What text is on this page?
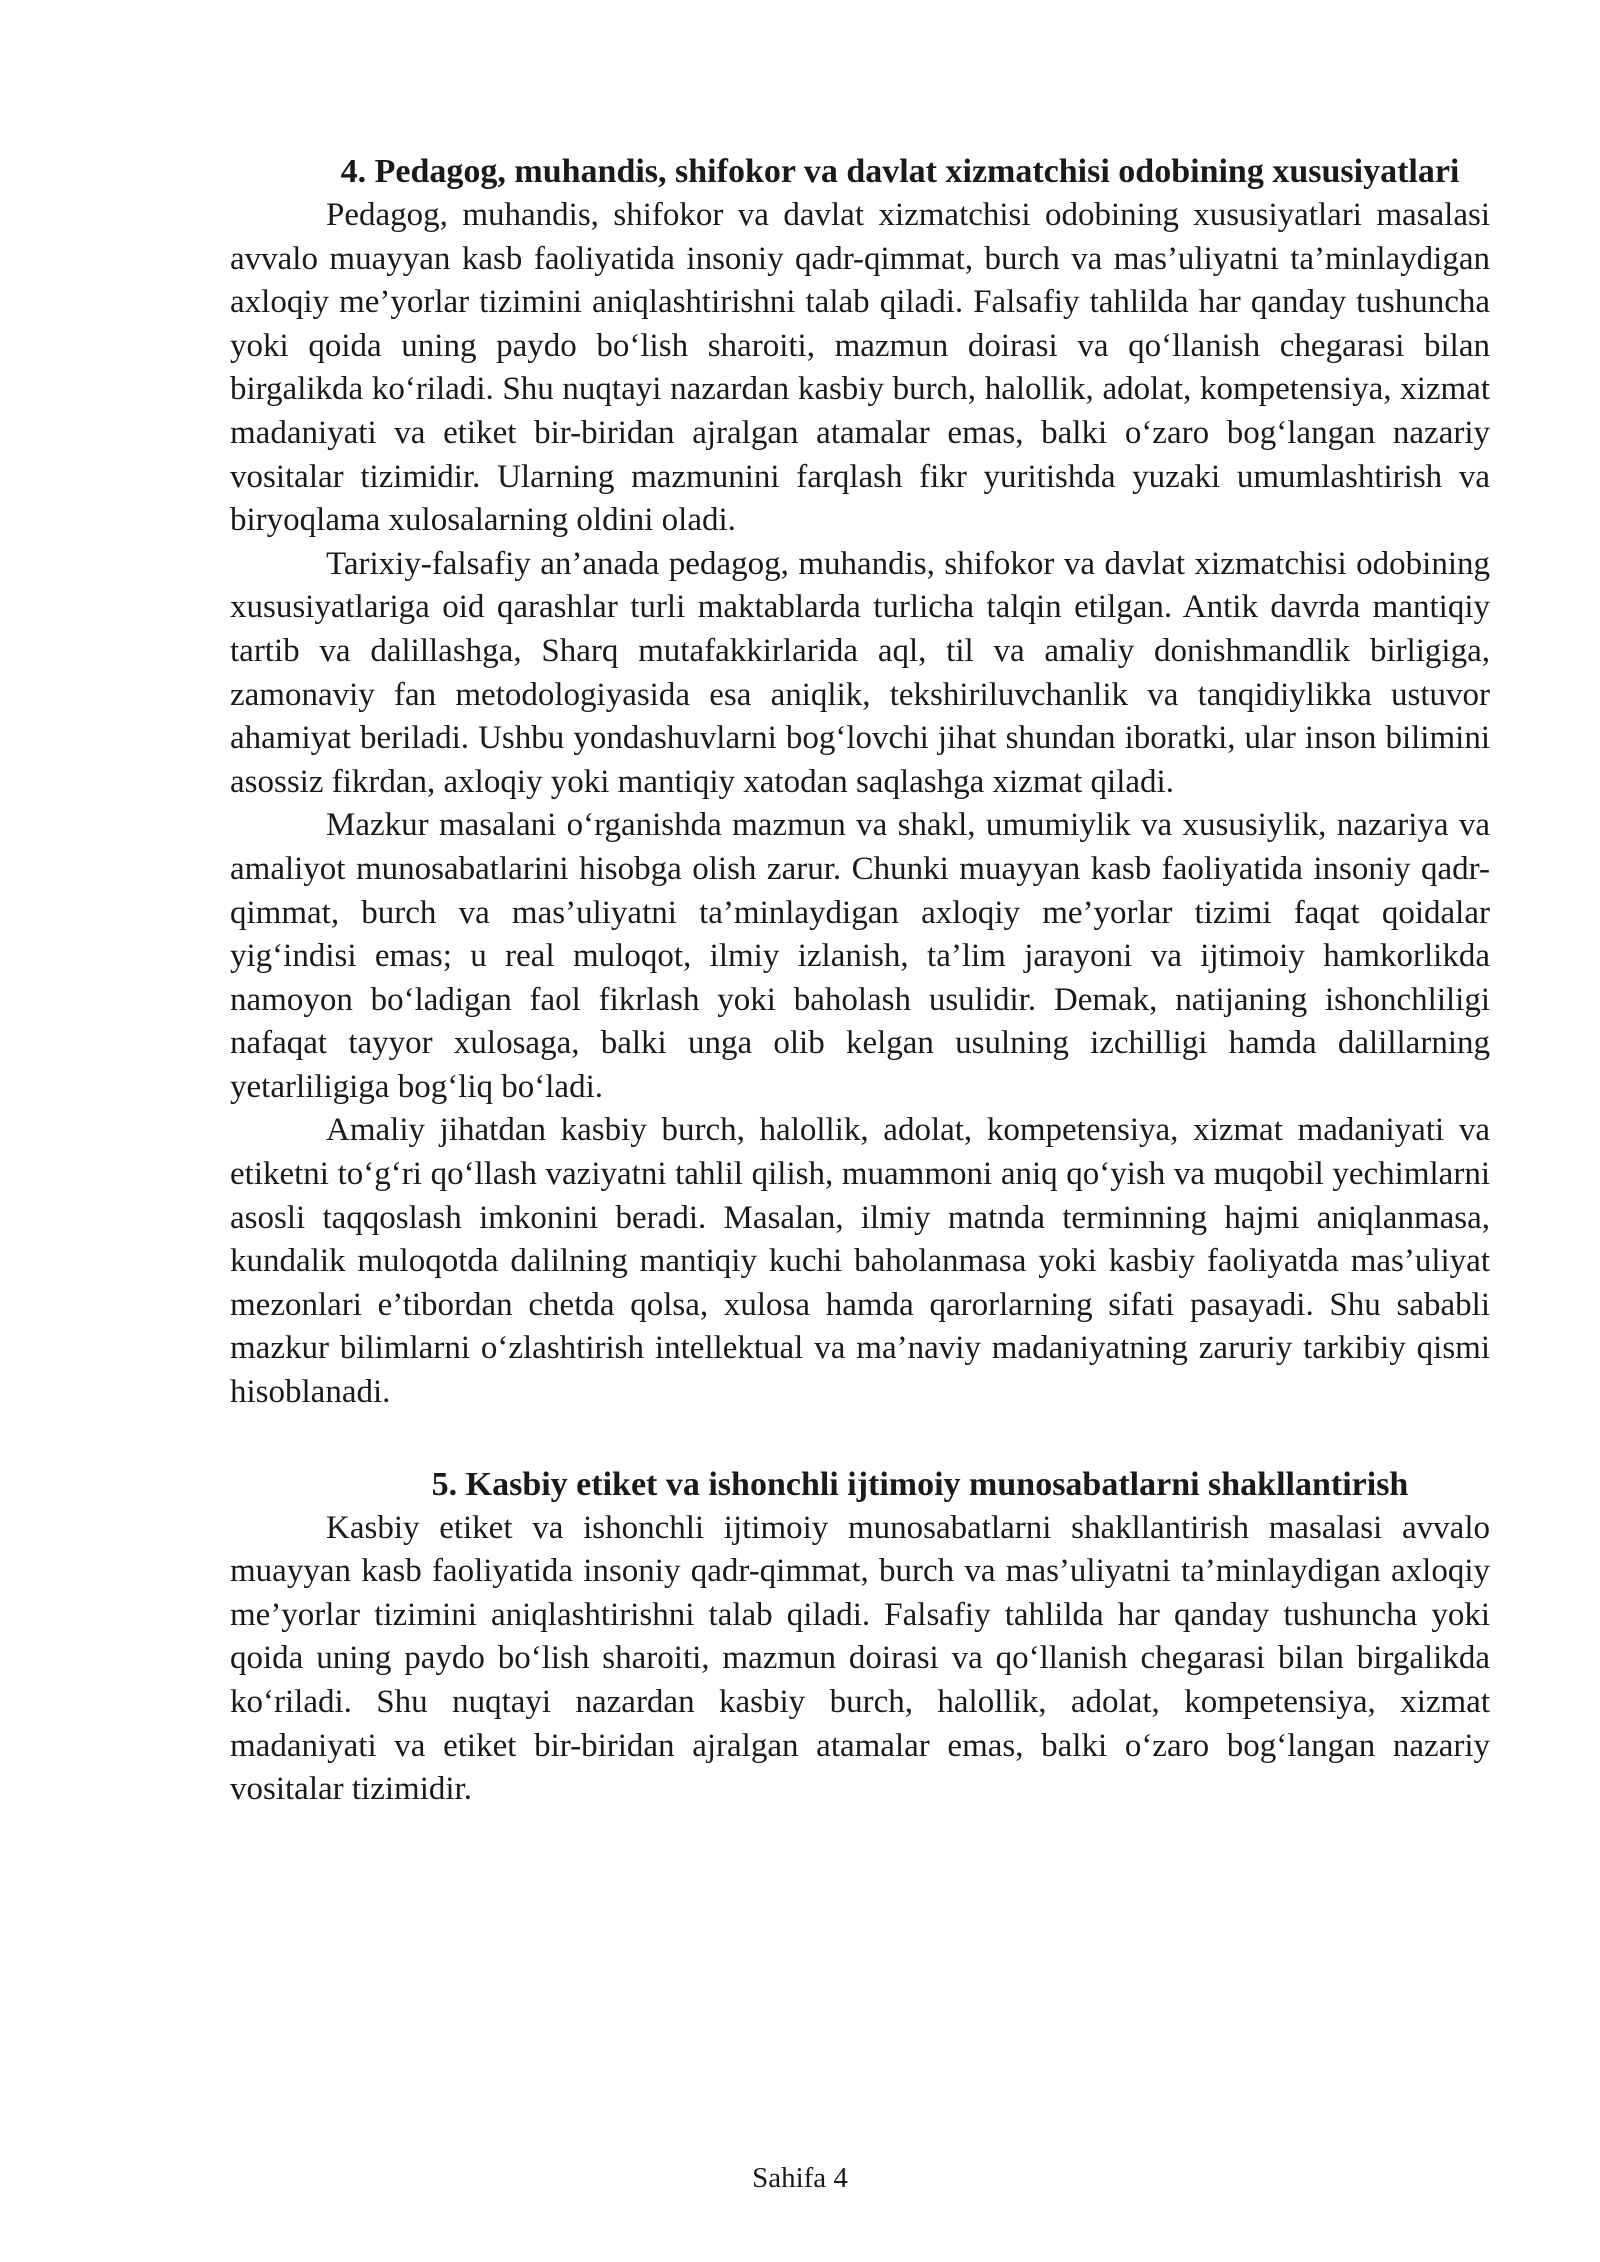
4. Pedagog, muhandis, shifokor va davlat xizmatchisi odobining xususiyatlari

Pedagog, muhandis, shifokor va davlat xizmatchisi odobining xususiyatlari masalasi avvalo muayyan kasb faoliyatida insoniy qadr-qimmat, burch va mas’uliyatni ta’minlaydigan axloqiy me’yorlar tizimini aniqlashtirishni talab qiladi. Falsafiy tahlilda har qanday tushuncha yoki qoida uning paydo bo‘lish sharoiti, mazmun doirasi va qo‘llanish chegarasi bilan birgalikda ko‘riladi. Shu nuqtayi nazardan kasbiy burch, halollik, adolat, kompetensiya, xizmat madaniyati va etiket bir-biridan ajralgan atamalar emas, balki o‘zaro bog‘langan nazariy vositalar tizimidir. Ularning mazmunini farqlash fikr yuritishda yuzaki umumlashtirish va biryoqlama xulosalarning oldini oladi.

Tarixiy-falsafiy an’anada pedagog, muhandis, shifokor va davlat xizmatchisi odobining xususiyatlariga oid qarashlar turli maktablarda turlicha talqin etilgan. Antik davrda mantiqiy tartib va dalillashga, Sharq mutafakkirlarida aql, til va amaliy donishmandlik birligiga, zamonaviy fan metodologiyasida esa aniqlik, tekshiriluvchanlik va tanqidiylikka ustuvor ahamiyat beriladi. Ushbu yondashuvlarni bog‘lovchi jihat shundan iboratki, ular inson bilimini asossiz fikrdan, axloqiy yoki mantiqiy xatodan saqlashga xizmat qiladi.

Mazkur masalani o‘rganishda mazmun va shakl, umumiylik va xususiylik, nazariya va amaliyot munosabatlarini hisobga olish zarur. Chunki muayyan kasb faoliyatida insoniy qadr-qimmat, burch va mas’uliyatni ta’minlaydigan axloqiy me’yorlar tizimi faqat qoidalar yig‘indisi emas; u real muloqot, ilmiy izlanish, ta’lim jarayoni va ijtimoiy hamkorlikda namoyon bo‘ladigan faol fikrlash yoki baholash usulidir. Demak, natijaning ishonchliligi nafaqat tayyor xulosaga, balki unga olib kelgan usulning izchilligi hamda dalillarning yetarliligiga bog‘liq bo‘ladi.

Amaliy jihatdan kasbiy burch, halollik, adolat, kompetensiya, xizmat madaniyati va etiketni to‘g‘ri qo‘llash vaziyatni tahlil qilish, muammoni aniq qo‘yish va muqobil yechimlarni asosli taqqoslash imkonini beradi. Masalan, ilmiy matnda terminning hajmi aniqlanmasa, kundalik muloqotda dalilning mantiqiy kuchi baholanmasa yoki kasbiy faoliyatda mas’uliyat mezonlari e’tibordan chetda qolsa, xulosa hamda qarorlarning sifati pasayadi. Shu sababli mazkur bilimlarni o‘zlashtirish intellektual va ma’naviy madaniyatning zaruriy tarkibiy qismi hisoblanadi.

5. Kasbiy etiket va ishonchli ijtimoiy munosabatlarni shakllantirish

Kasbiy etiket va ishonchli ijtimoiy munosabatlarni shakllantirish masalasi avvalo muayyan kasb faoliyatida insoniy qadr-qimmat, burch va mas’uliyatni ta’minlaydigan axloqiy me’yorlar tizimini aniqlashtirishni talab qiladi. Falsafiy tahlilda har qanday tushuncha yoki qoida uning paydo bo‘lish sharoiti, mazmun doirasi va qo‘llanish chegarasi bilan birgalikda ko‘riladi. Shu nuqtayi nazardan kasbiy burch, halollik, adolat, kompetensiya, xizmat madaniyati va etiket bir-biridan ajralgan atamalar emas, balki o‘zaro bog‘langan nazariy vositalar tizimidir.

Sahifa 4
